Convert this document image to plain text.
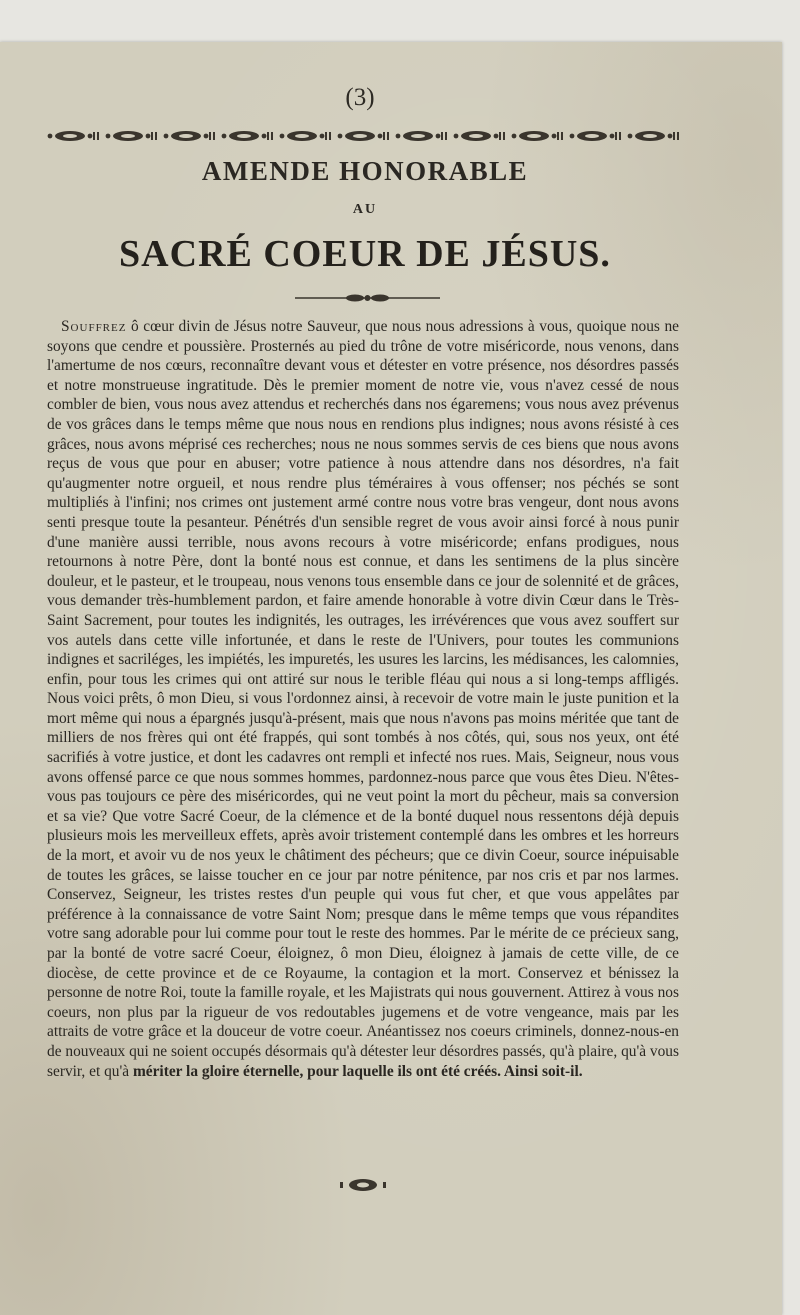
(3)
AMENDE HONORABLE
AU
SACRÉ COEUR DE JÉSUS.
Souffrez ô cœur divin de Jésus notre Sauveur, que nous nous adressions à vous, quoique nous ne soyons que cendre et poussière. Prosternés au pied du trône de votre miséricorde, nous venons, dans l'amertume de nos cœurs, reconnaître devant vous et détester en votre présence, nos désordres passés et notre monstrueuse ingratitude. Dès le premier moment de notre vie, vous n'avez cessé de nous combler de bien, vous nous avez attendus et recherchés dans nos égaremens; vous nous avez prévenus de vos grâces dans le temps même que nous nous en rendions plus indignes; nous avons résisté à ces grâces, nous avons méprisé ces recherches; nous ne nous sommes servis de ces biens que nous avons reçus de vous que pour en abuser; votre patience à nous attendre dans nos désordres, n'a fait qu'augmenter notre orgueil, et nous rendre plus téméraires à vous offenser; nos péchés se sont multipliés à l'infini; nos crimes ont justement armé contre nous votre bras vengeur, dont nous avons senti presque toute la pesanteur. Pénétrés d'un sensible regret de vous avoir ainsi forcé à nous punir d'une manière aussi terrible, nous avons recours à votre miséricorde; enfans prodigues, nous retournons à notre Père, dont la bonté nous est connue, et dans les sentimens de la plus sincère douleur, et le pasteur, et le troupeau, nous venons tous ensemble dans ce jour de solennité et de grâces, vous demander très-humblement pardon, et faire amende honorable à votre divin Cœur dans le Très-Saint Sacrement, pour toutes les indignités, les outrages, les irrévérences que vous avez souffert sur vos autels dans cette ville infortunée, et dans le reste de l'Univers, pour toutes les communions indignes et sacriléges, les impiétés, les impuretés, les usures les larcins, les médisances, les calomnies, enfin, pour tous les crimes qui ont attiré sur nous le terible fléau qui nous a si long-temps affligés. Nous voici prêts, ô mon Dieu, si vous l'ordonnez ainsi, à recevoir de votre main le juste punition et la mort même qui nous a épargnés jusqu'à-présent, mais que nous n'avons pas moins méritée que tant de milliers de nos frères qui ont été frappés, qui sont tombés à nos côtés, qui, sous nos yeux, ont été sacrifiés à votre justice, et dont les cadavres ont rempli et infecté nos rues. Mais, Seigneur, nous vous avons offensé parce ce que nous sommes hommes, pardonnez-nous parce que vous êtes Dieu. N'êtes-vous pas toujours ce père des miséricordes, qui ne veut point la mort du pêcheur, mais sa conversion et sa vie? Que votre Sacré Coeur, de la clémence et de la bonté duquel nous ressentons déjà depuis plusieurs mois les merveilleux effets, après avoir tristement contemplé dans les ombres et les horreurs de la mort, et avoir vu de nos yeux le châtiment des pécheurs; que ce divin Coeur, source inépuisable de toutes les grâces, se laisse toucher en ce jour par notre pénitence, par nos cris et par nos larmes. Conservez, Seigneur, les tristes restes d'un peuple qui vous fut cher, et que vous appelâtes par préférence à la connaissance de votre Saint Nom; presque dans le même temps que vous répandites votre sang adorable pour lui comme pour tout le reste des hommes. Par le mérite de ce précieux sang, par la bonté de votre sacré Coeur, éloignez, ô mon Dieu, éloignez à jamais de cette ville, de ce diocèse, de cette province et de ce Royaume, la contagion et la mort. Conservez et bénissez la personne de notre Roi, toute la famille royale, et les Majistrats qui nous gouvernent. Attirez à vous nos coeurs, non plus par la rigueur de vos redoutables jugemens et de votre vengeance, mais par les attraits de votre grâce et la douceur de votre coeur. Anéantissez nos coeurs criminels, donnez-nous-en de nouveaux qui ne soient occupés désormais qu'à détester leur désordres passés, qu'à plaire, qu'à vous servir, et qu'à mériter la gloire éternelle, pour laquelle ils ont été créés. Ainsi soit-il.
